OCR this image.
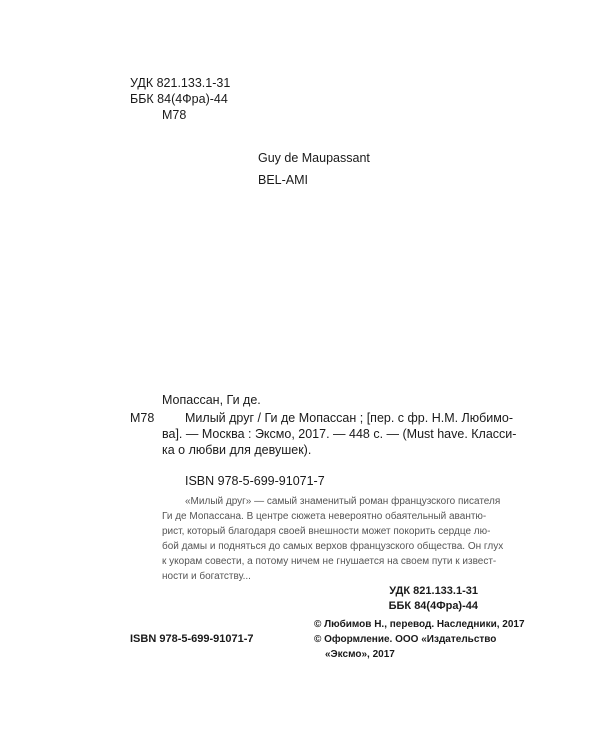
УДК 821.133.1-31
ББК 84(4Фра)-44
М78
Guy de Maupassant
BEL-AMI
Мопассан, Ги де.
М78 Милый друг / Ги де Мопассан ; [пер. с фр. Н.М. Любимо-
ва]. — Москва : Эксмо, 2017. — 448 с. — (Must have. Класси-
ка о любви для девушек).
ISBN 978-5-699-91071-7
«Милый друг» — самый знаменитый роман французского писателя
Ги де Мопассана. В центре сюжета невероятно обаятельный авантю-
рист, который благодаря своей внешности может покорить сердце лю-
бой дамы и подняться до самых верхов французского общества. Он глух
к укорам совести, а потому ничем не гнушается на своем пути к извест-
ности и богатству...
УДК 821.133.1-31
ББК 84(4Фра)-44
© Любимов Н., перевод. Наследники, 2017
© Оформление. ООО «Издательство
«Эксмо», 2017
ISBN 978-5-699-91071-7
